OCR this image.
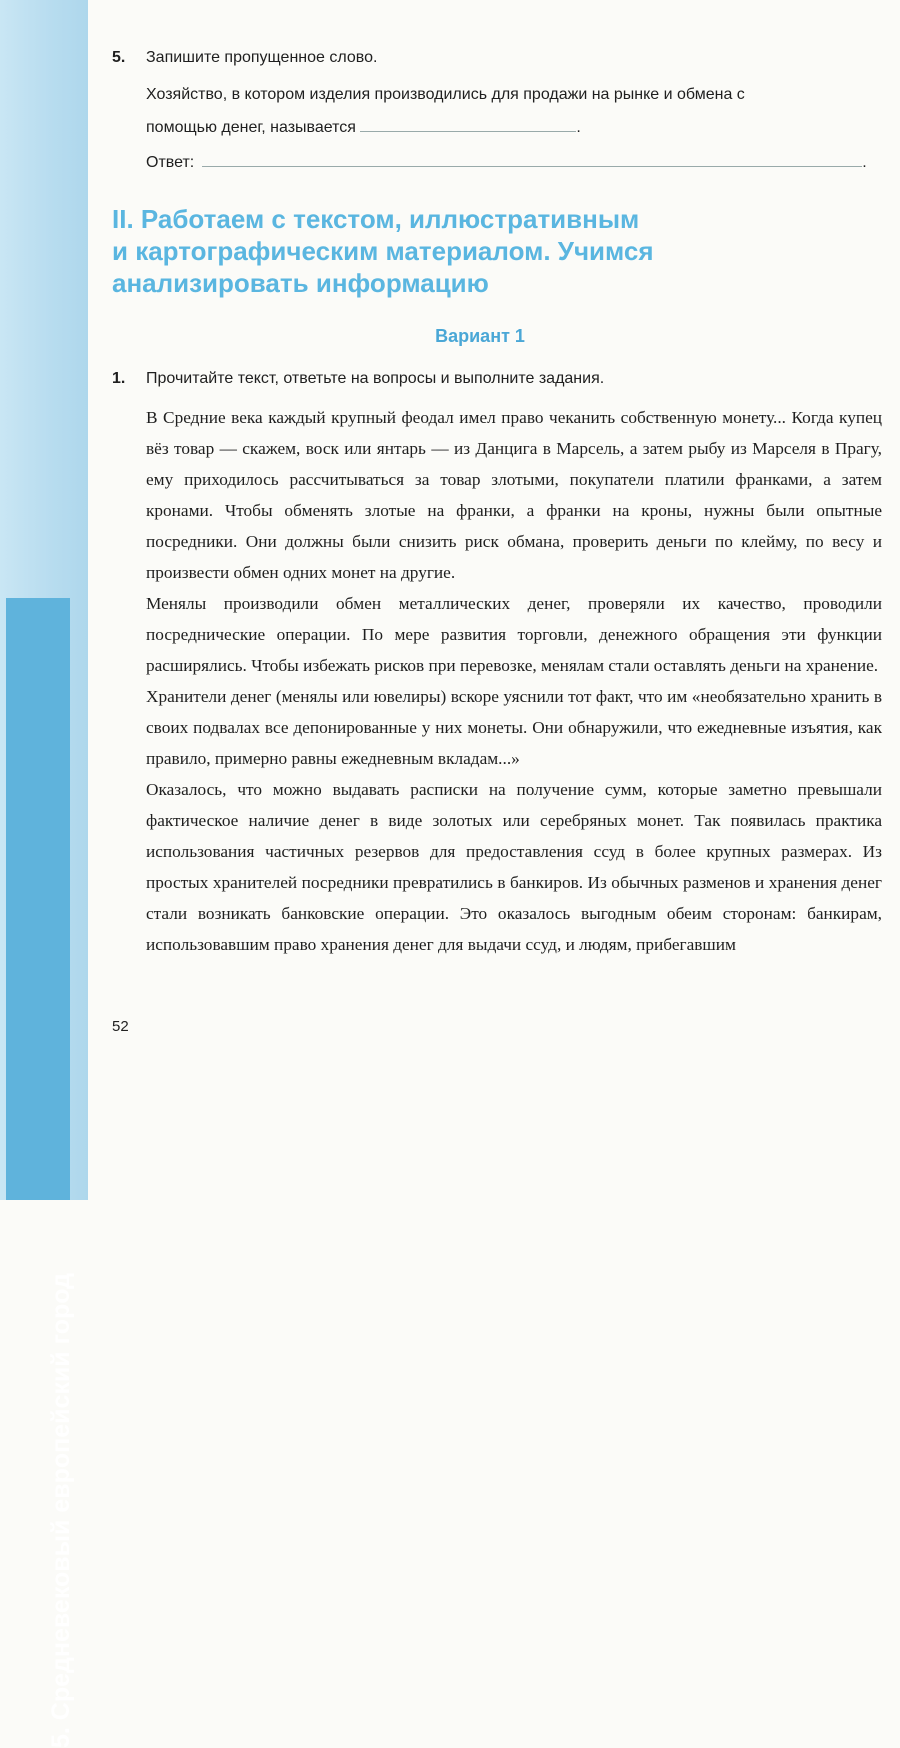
5. Средневековый европейский город
5. Запишите пропущенное слово.
Хозяйство, в котором изделия производились для продажи на рынке и обмена с
помощью денег, называется	.
Ответ:	.
II. Работаем с текстом, иллюстративным
и картографическим материалом. Учимся
анализировать информацию
Вариант 1
1. Прочитайте текст, ответьте на вопросы и выполните задания.

В Средние века каждый крупный феодал имел право чеканить собственную монету... Когда купец вёз товар — скажем, воск или янтарь — из Данцига в Марсель, а затем рыбу из Марселя в Прагу, ему приходилось рассчитываться за товар злотыми, покупатели платили франками, а затем кронами. Чтобы обменять злотые на франки, а франки на кроны, нужны были опытные посредники. Они должны были снизить риск обмана, проверить деньги по клейму, по весу и произвести обмен одних монет на другие.

Менялы производили обмен металлических денег, проверяли их качество, проводили посреднические операции. По мере развития торговли, денежного обращения эти функции расширялись. Чтобы избежать рисков при перевозке, менялам стали оставлять деньги на хранение.

Хранители денег (менялы или ювелиры) вскоре уяснили тот факт, что им «необязательно хранить в своих подвалах все депонированные у них монеты. Они обнаружили, что ежедневные изъятия, как правило, примерно равны ежедневным вкладам...»

Оказалось, что можно выдавать расписки на получение сумм, которые заметно превышали фактическое наличие денег в виде золотых или серебряных монет. Так появилась практика использования частичных резервов для предоставления ссуд в более крупных размерах. Из простых хранителей посредники превратились в банкиров. Из обычных разменов и хранения денег стали возникать банковские операции. Это оказалось выгодным обеим сторонам: банкирам, использовавшим право хранения денег для выдачи ссуд, и людям, прибегавшим

52
